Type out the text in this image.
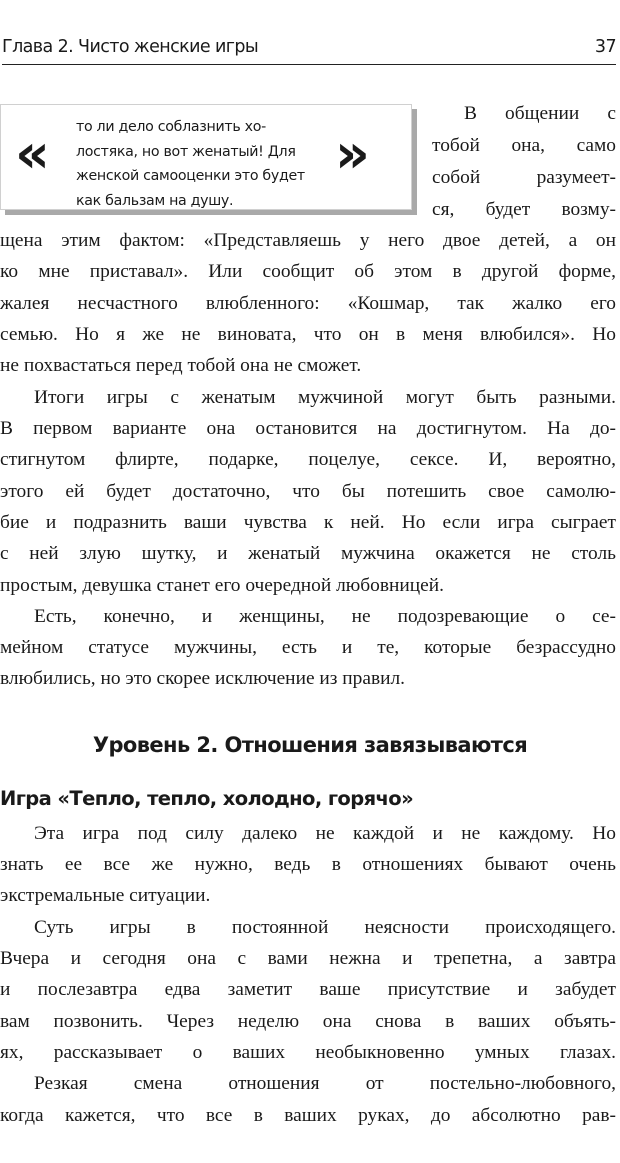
Глава 2. Чисто женские игры	37
« то ли дело соблазнить хо-
лостяка, но вот женатый! Для
женской самооценки это будет
как бальзам на душу.
»
В общении с
тобой она, само
собой разумеет-
ся, будет возму-
щена этим фактом: «Представляешь у него двое детей, а он
ко мне приставал». Или сообщит об этом в другой форме,
жалея несчастного влюбленного: «Кошмар, так жалко его
семью. Но я же не виновата, что он в меня влюбился». Но
не похвастаться перед тобой она не сможет.
Итоги игры с женатым мужчиной могут быть разными.
В первом варианте она остановится на достигнутом. На до-
стигнутом флирте, подарке, поцелуе, сексе. И, вероятно,
этого ей будет достаточно, что бы потешить свое самолю-
бие и подразнить ваши чувства к ней. Но если игра сыграет
с ней злую шутку, и женатый мужчина окажется не столь
простым, девушка станет его очередной любовницей.
Есть, конечно, и женщины, не подозревающие о се-
мейном статусе мужчины, есть и те, которые безрассудно
влюбились, но это скорее исключение из правил.
Уровень 2. Отношения завязываются
Игра «Тепло, тепло, холодно, горячо»
Эта игра под силу далеко не каждой и не каждому. Но
знать ее все же нужно, ведь в отношениях бывают очень
экстремальные ситуации.
Суть игры в постоянной неясности происходящего.
Вчера и сегодня она с вами нежна и трепетна, а завтра
и послезавтра едва заметит ваше присутствие и забудет
вам позвонить. Через неделю она снова в ваших объять-
ях, рассказывает о ваших необыкновенно умных глазах.
Резкая смена отношения от постельно-любовного,
когда кажется, что все в ваших руках, до абсолютно рав-
